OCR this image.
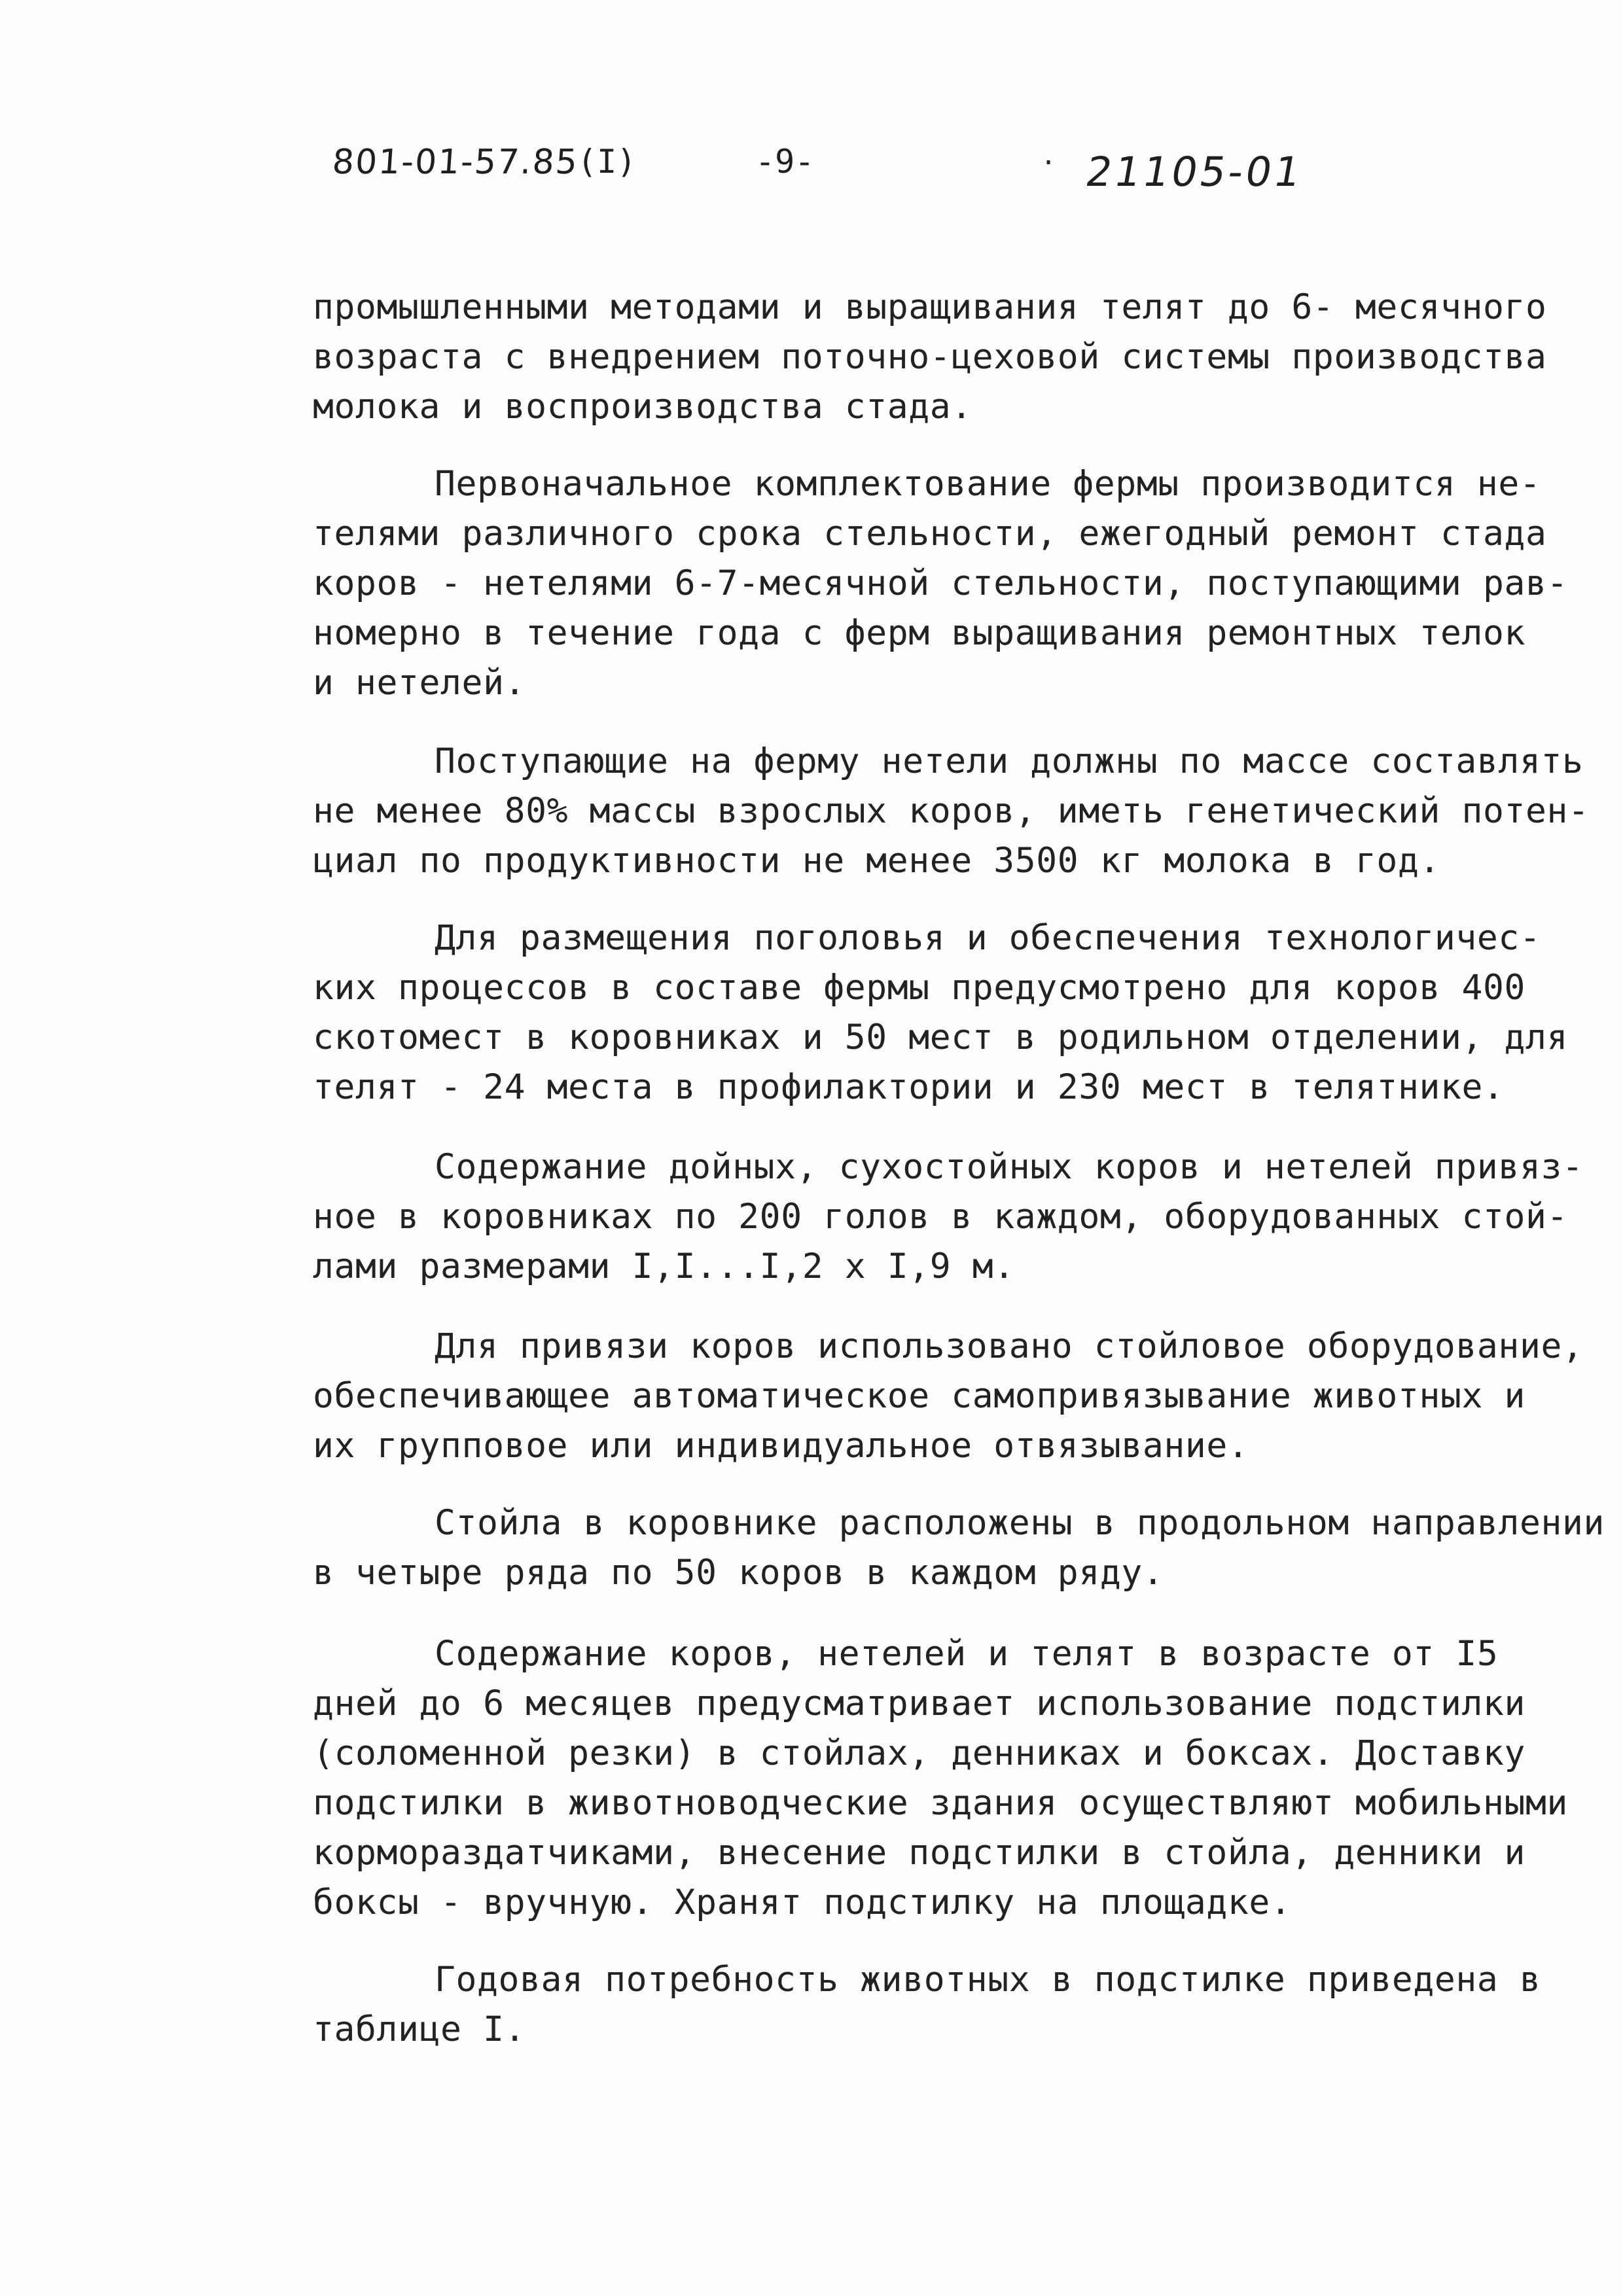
801-01-57.85
(I)	-9-	· 21105-01
промышленными методами и выращивания телят до 6- месячного
возраста с внедрением поточно-цеховой системы производства
молока и воспроизводства стада.
Первоначальное комплектование фермы производится не-
телями различного срока стельности, ежегодный ремонт стада
коров - нетелями 6-7-месячной стельности, поступающими рав-
номерно в течение года с ферм выращивания ремонтных телок
и нетелей.
Поступающие на ферму нетели должны по массе составлять
не менее 80% массы взрослых коров, иметь генетический потен-
циал по продуктивности не менее 3500 кг молока в год.
Для размещения поголовья и обеспечения технологичес-
ких процессов в составе фермы предусмотрено для коров 400
скотомест в коровниках и 50 мест в родильном отделении, для
телят - 24 места в профилактории и 230 мест в телятнике.
Содержание дойных, сухостойных коров и нетелей привяз-
ное в коровниках по 200 голов в каждом, оборудованных стой-
лами размерами I,I...I,2 х I,9 м.
Для привязи коров использовано стойловое оборудование,
обеспечивающее автоматическое самопривязывание животных и
их групповое или индивидуальное отвязывание.
Стойла в коровнике расположены в продольном направлении
в четыре ряда по 50 коров в каждом ряду.
Содержание коров, нетелей и телят в возрасте от I5
дней до 6 месяцев предусматривает использование подстилки
(соломенной резки) в стойлах, денниках и боксах. Доставку
подстилки в животноводческие здания осуществляют мобильными
кормораздатчиками, внесение подстилки в стойла, денники и
боксы - вручную. Хранят подстилку на площадке.
Годовая потребность животных в подстилке приведена в
таблице I.
